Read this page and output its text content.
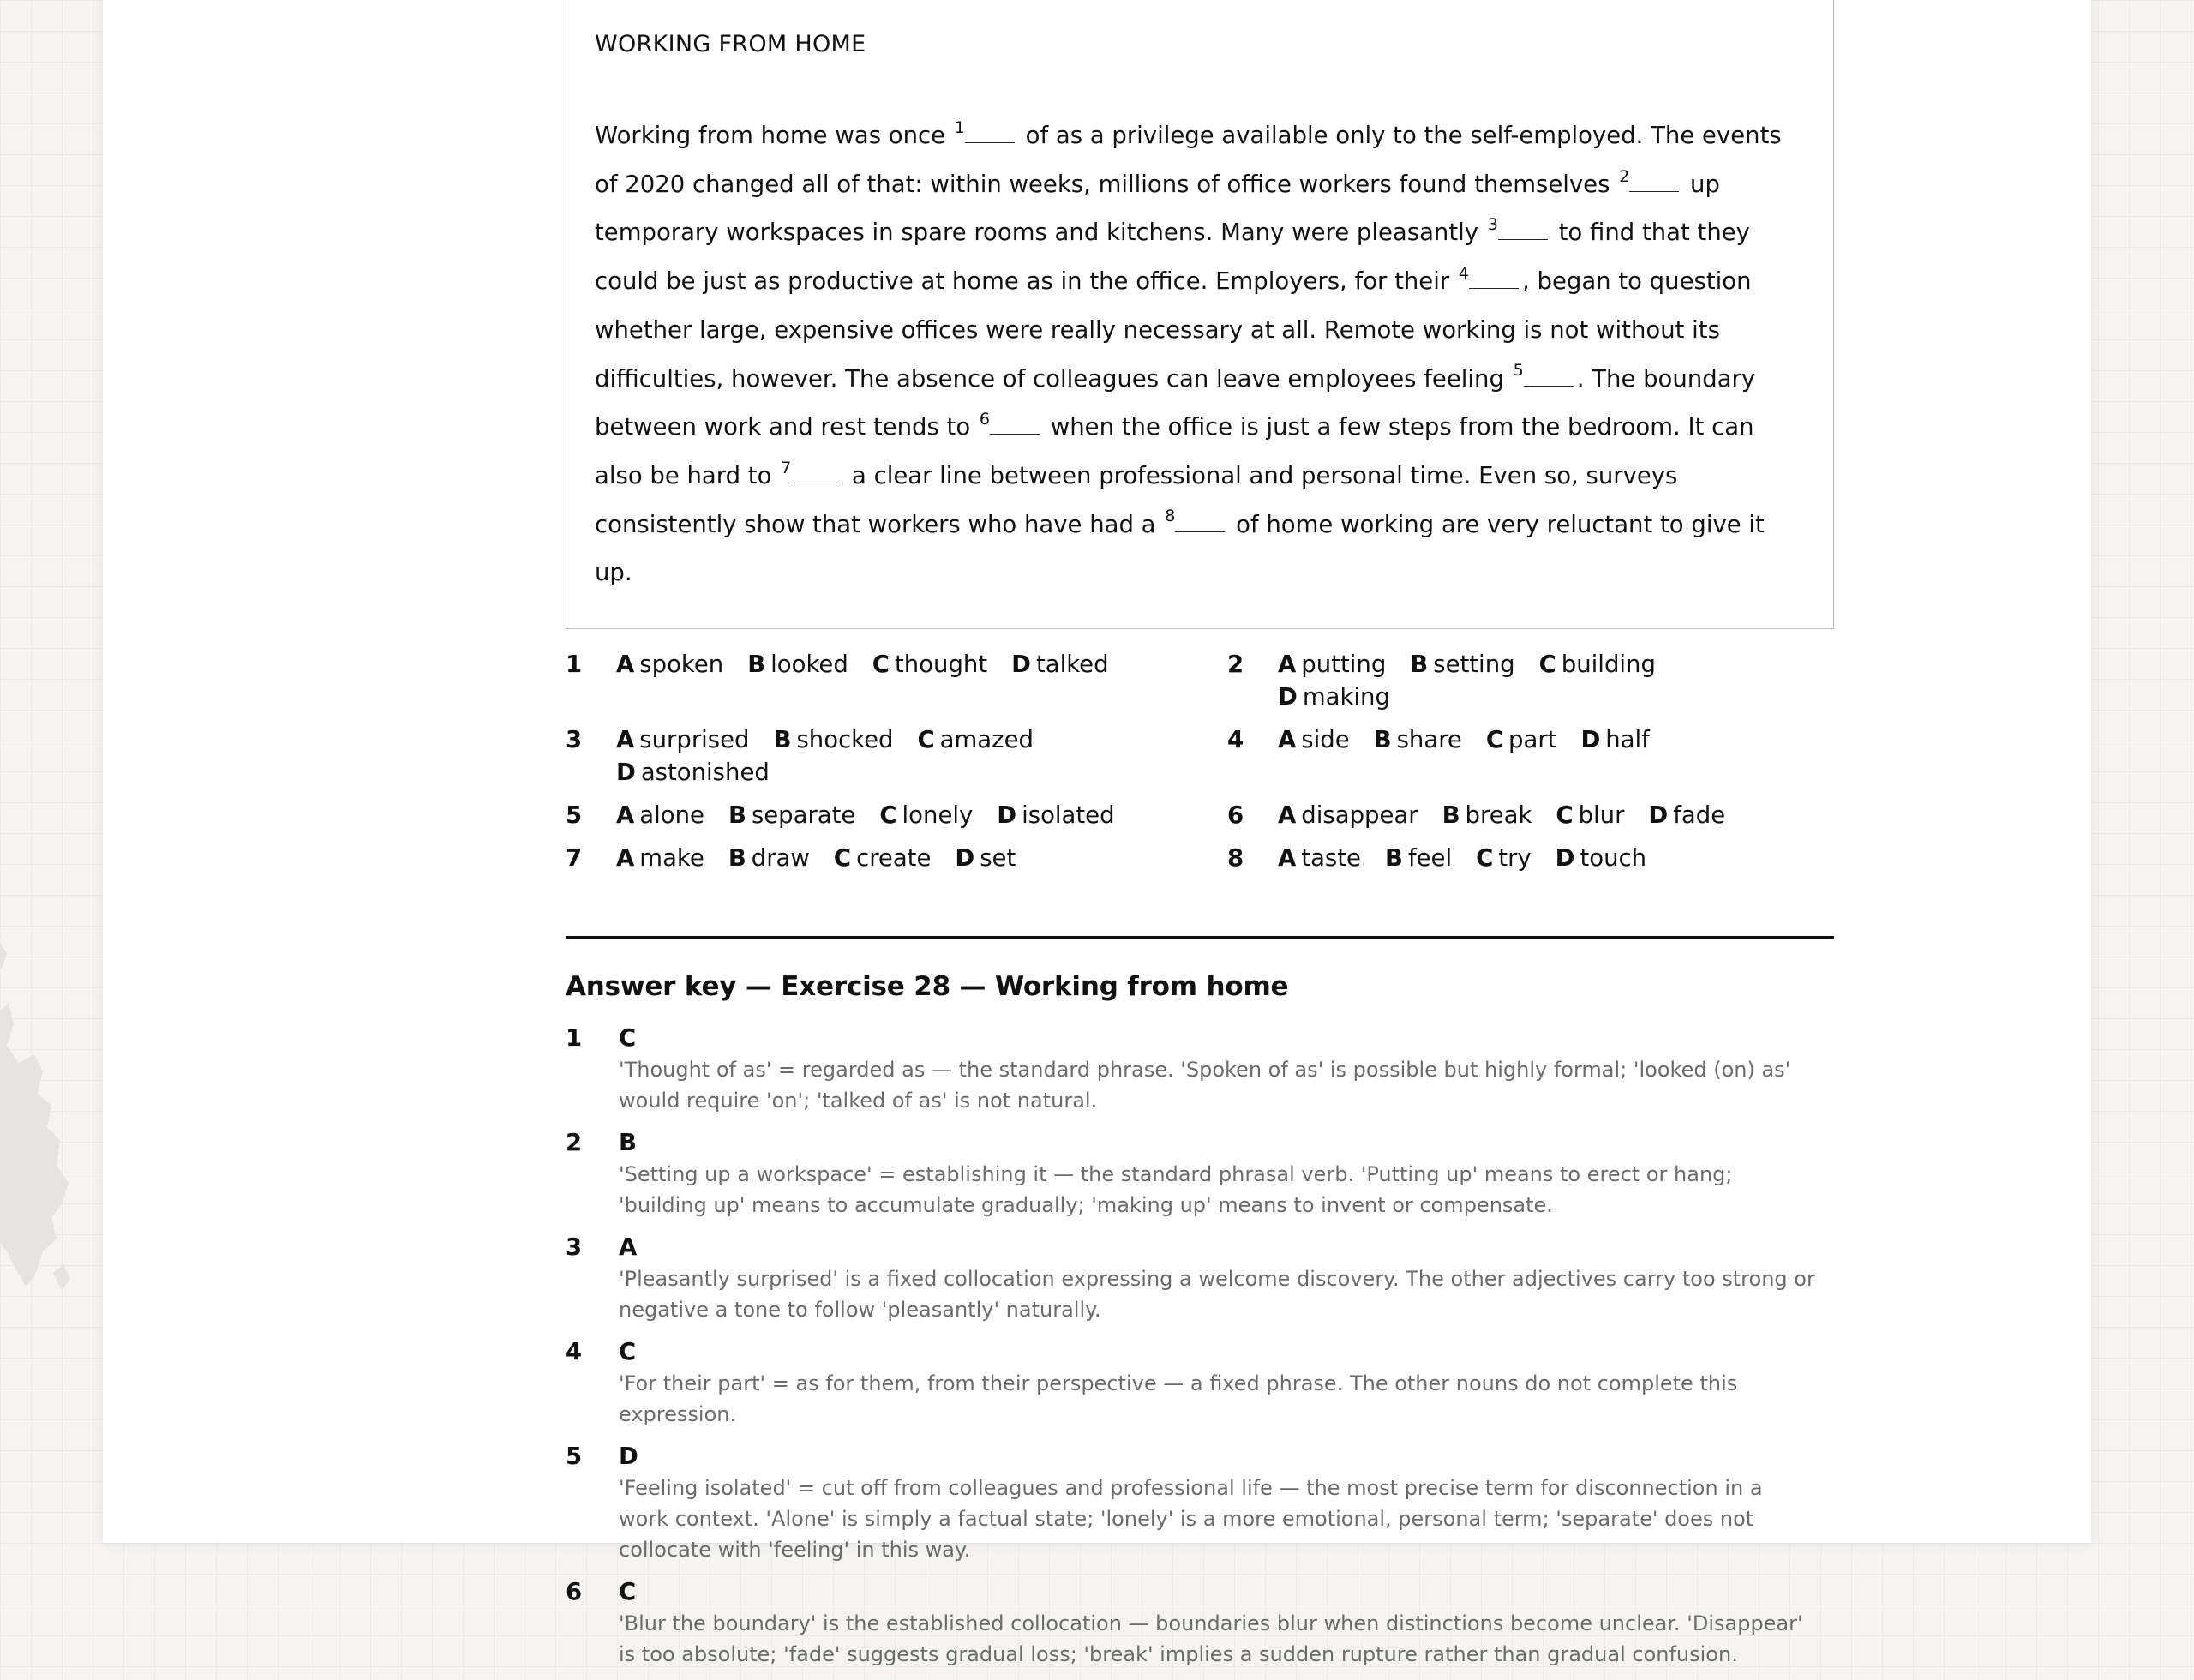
WORKING FROM HOME
Working from home was once $^1$ of as a privilege available only to the self-employed. The events of 2020 changed all of that: within weeks, millions of office workers found themselves $^2$ up temporary workspaces in spare rooms and kitchens. Many were pleasantly $^3$ to find that they could be just as productive at home as in the office. Employers, for their $^4$ , began to question whether large, expensive offices were really necessary at all. Remote working is not without its difficulties, however. The absence of colleagues can leave employees feeling $^5$ . The boundary between work and rest tends to $^6$ when the office is just a few steps from the bedroom. It can also be hard to $^7$ a clear line between professional and personal time. Even so, surveys consistently show that workers who have had a $^8$ of home working are very reluctant to give it up.
1	A spoken B looked C thought D talked	2	A putting B setting C buildingD making
3	A surprised B shocked C amazedD astonished
4	A side B share C part D half
5	A alone B separate C lonely D isolated	6	A disappear B break C blur D fade
7	A make B draw C create D set	8	A taste B feel C try D touch
Answer key — Exercise 28 — Working from home
1	C
'Thought of as' = regarded as — the standard phrase. 'Spoken of as' is possible but highly formal; 'looked (on) as' would require 'on'; 'talked of as' is not natural.
2	B
'Setting up a workspace' = establishing it — the standard phrasal verb. 'Putting up' means to erect or hang; 'building up' means to accumulate gradually; 'making up' means to invent or compensate.
3	A
'Pleasantly surprised' is a fixed collocation expressing a welcome discovery. The other adjectives carry too strong or negative a tone to follow 'pleasantly' naturally.
4	C
'For their part' = as for them, from their perspective — a fixed phrase. The other nouns do not complete this expression.
5	D
'Feeling isolated' = cut off from colleagues and professional life — the most precise term for disconnection in a work context. 'Alone' is simply a factual state; 'lonely' is a more emotional, personal term; 'separate' does not collocate with 'feeling' in this way.
6	C
'Blur the boundary' is the established collocation — boundaries blur when distinctions become unclear. 'Disappear' is too absolute; 'fade' suggests gradual loss; 'break' implies a sudden rupture rather than gradual confusion.
